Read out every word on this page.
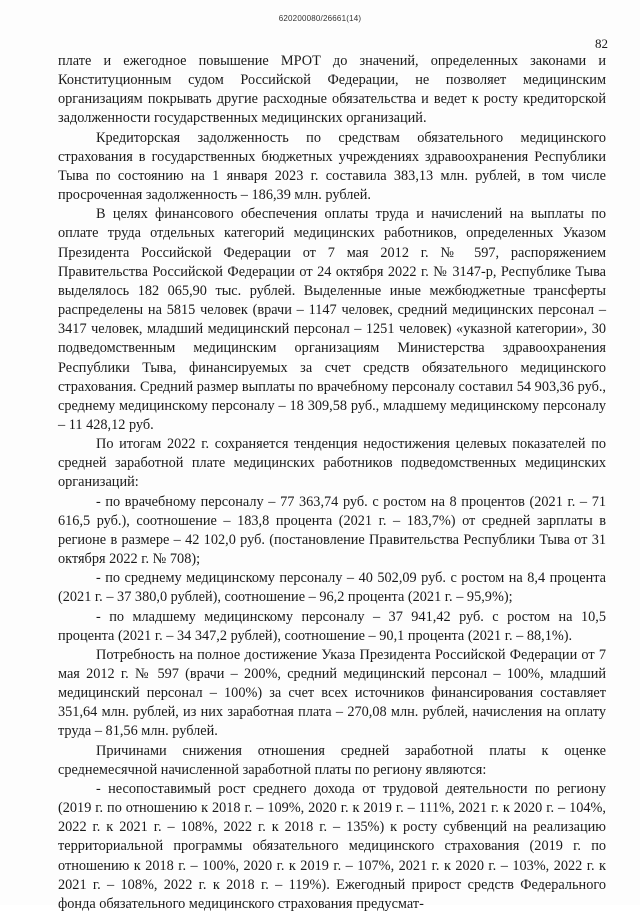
620200080/26661(14)
82

плате и ежегодное повышение МРОТ до значений, определенных законами и Конституционным судом Российской Федерации, не позволяет медицинским организациям покрывать другие расходные обязательства и ведет к росту кредиторской задолженности государственных медицинских организаций.

Кредиторская задолженность по средствам обязательного медицинского страхования в государственных бюджетных учреждениях здравоохранения Республики Тыва по состоянию на 1 января 2023 г. составила 383,13 млн. рублей, в том числе просроченная задолженность – 186,39 млн. рублей.

В целях финансового обеспечения оплаты труда и начислений на выплаты по оплате труда отдельных категорий медицинских работников, определенных Указом Президента Российской Федерации от 7 мая 2012 г. № 597, распоряжением Правительства Российской Федерации от 24 октября 2022 г. № 3147-р, Республике Тыва выделялось 182 065,90 тыс. рублей. Выделенные иные межбюджетные трансферты распределены на 5815 человек (врачи – 1147 человек, средний медицинских персонал – 3417 человек, младший медицинский персонал – 1251 человек) «указной категории», 30 подведомственным медицинским организациям Министерства здравоохранения Республики Тыва, финансируемых за счет средств обязательного медицинского страхования. Средний размер выплаты по врачебному персоналу составил 54 903,36 руб., среднему медицинскому персоналу – 18 309,58 руб., младшему медицинскому персоналу – 11 428,12 руб.

По итогам 2022 г. сохраняется тенденция недостижения целевых показателей по средней заработной плате медицинских работников подведомственных медицинских организаций:

- по врачебному персоналу – 77 363,74 руб. с ростом на 8 процентов (2021 г. – 71 616,5 руб.), соотношение – 183,8 процента (2021 г. – 183,7%) от средней зарплаты в регионе в размере – 42 102,0 руб. (постановление Правительства Республики Тыва от 31 октября 2022 г. № 708);

- по среднему медицинскому персоналу – 40 502,09 руб. с ростом на 8,4 процента (2021 г. – 37 380,0 рублей), соотношение – 96,2 процента (2021 г. – 95,9%);

- по младшему медицинскому персоналу – 37 941,42 руб. с ростом на 10,5 процента (2021 г. – 34 347,2 рублей), соотношение – 90,1 процента (2021 г. – 88,1%).

Потребность на полное достижение Указа Президента Российской Федерации от 7 мая 2012 г. № 597 (врачи – 200%, средний медицинский персонал – 100%, младший медицинский персонал – 100%) за счет всех источников финансирования составляет 351,64 млн. рублей, из них заработная плата – 270,08 млн. рублей, начисления на оплату труда – 81,56 млн. рублей.

Причинами снижения отношения средней заработной платы к оценке среднемесячной начисленной заработной платы по региону являются:

- несопоставимый рост среднего дохода от трудовой деятельности по региону (2019 г. по отношению к 2018 г. – 109%, 2020 г. к 2019 г. – 111%, 2021 г. к 2020 г. – 104%, 2022 г. к 2021 г. – 108%, 2022 г. к 2018 г. – 135%) к росту субвенций на реализацию территориальной программы обязательного медицинского страхования (2019 г. по отношению к 2018 г. – 100%, 2020 г. к 2019 г. – 107%, 2021 г. к 2020 г. – 103%, 2022 г. к 2021 г. – 108%, 2022 г. к 2018 г. – 119%). Ежегодный прирост средств Федерального фонда обязательного медицинского страхования предусмат-
